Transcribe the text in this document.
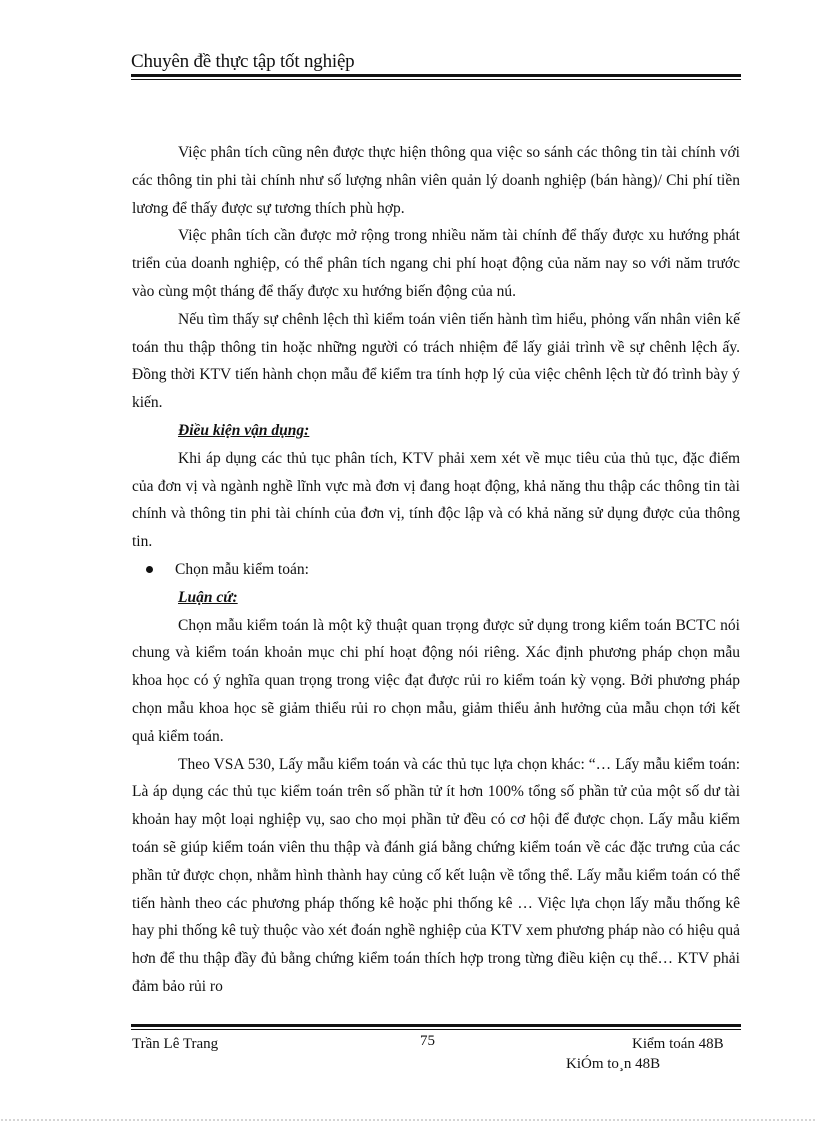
Chuyên đề thực tập tốt nghiệp

Việc phân tích cũng nên được thực hiện thông qua việc so sánh các thông tin tài chính với các thông tin phi tài chính như số lượng nhân viên quản lý doanh nghiệp (bán hàng)/ Chi phí tiền lương để thấy được sự tương thích phù hợp.

Việc phân tích cần được mở rộng trong nhiều năm tài chính để thấy được xu hướng phát triển của doanh nghiệp, có thể phân tích ngang chi phí hoạt động của năm nay so với năm trước vào cùng một tháng để thấy được xu hướng biến động của nú.

Nếu tìm thấy sự chênh lệch thì kiểm toán viên tiến hành tìm hiểu, phỏng vấn nhân viên kế toán thu thập thông tin hoặc những người có trách nhiệm để lấy giải trình về sự chênh lệch ấy. Đồng thời KTV tiến hành chọn mẫu để kiểm tra tính hợp lý của việc chênh lệch từ đó trình bày ý kiến.

Điều kiện vận dụng:

Khi áp dụng các thủ tục phân tích, KTV phải xem xét về mục tiêu của thủ tục, đặc điểm của đơn vị và ngành nghề lĩnh vực mà đơn vị đang hoạt động, khả năng thu thập các thông tin tài chính và thông tin phi tài chính của đơn vị, tính độc lập và có khả năng sử dụng được của thông tin.

Chọn mẫu kiểm toán:

Luận cứ:

Chọn mẫu kiểm toán là một kỹ thuật quan trọng được sử dụng trong kiểm toán BCTC nói chung và kiểm toán khoản mục chi phí hoạt động nói riêng. Xác định phương pháp chọn mẫu khoa học có ý nghĩa quan trọng trong việc đạt được rủi ro kiểm toán kỳ vọng. Bởi phương pháp chọn mẫu khoa học sẽ giảm thiểu rủi ro chọn mẫu, giảm thiểu ảnh hưởng của mẫu chọn tới kết quả kiểm toán.

Theo VSA 530, Lấy mẫu kiểm toán và các thủ tục lựa chọn khác: “… Lấy mẫu kiểm toán: Là áp dụng các thủ tục kiểm toán trên số phần tử ít hơn 100% tổng số phần tử của một số dư tài khoản hay một loại nghiệp vụ, sao cho mọi phần tử đều có cơ hội để được chọn. Lấy mẫu kiểm toán sẽ giúp kiểm toán viên thu thập và đánh giá bằng chứng kiểm toán về các đặc trưng của các phần tử được chọn, nhằm hình thành hay củng cố kết luận về tổng thể. Lấy mẫu kiểm toán có thể tiến hành theo các phương pháp thống kê hoặc phi thống kê … Việc lựa chọn lấy mẫu thống kê hay phi thống kê tuỳ thuộc vào xét đoán nghề nghiệp của KTV xem phương pháp nào có hiệu quả hơn để thu thập đầy đủ bằng chứng kiểm toán thích hợp trong từng điều kiện cụ thể… KTV phải đảm bảo rủi ro

Trần Lê Trang	75	Kiểm toán 48B
KiÓm to¸n 48B
